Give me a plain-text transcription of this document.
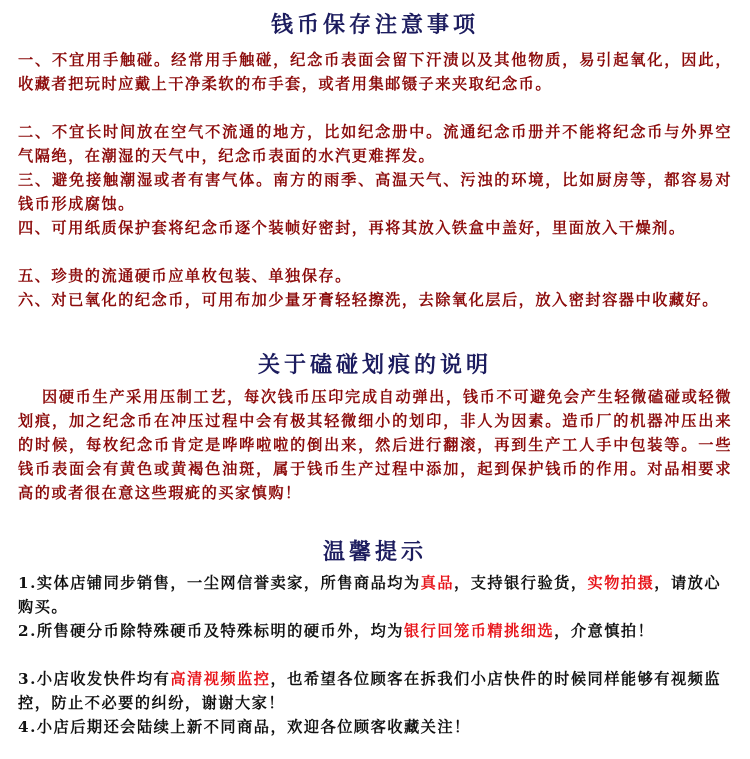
钱币保存注意事项
一、不宜用手触碰。经常用手触碰，纪念币表面会留下汗渍以及其他物质，易引起氧化，因此，收藏者把玩时应戴上干净柔软的布手套，或者用集邮镊子来夹取纪念币。
二、不宜长时间放在空气不流通的地方，比如纪念册中。流通纪念币册并不能将纪念币与外界空气隔绝，在潮湿的天气中，纪念币表面的水汽更难挥发。
三、避免接触潮湿或者有害气体。南方的雨季、高温天气、污浊的环境，比如厨房等，都容易对钱币形成腐蚀。
四、可用纸质保护套将纪念币逐个装帧好密封，再将其放入铁盒中盖好，里面放入干燥剂。
五、珍贵的流通硬币应单枚包装、单独保存。
六、对已氧化的纪念币，可用布加少量牙膏轻轻擦洗，去除氧化层后，放入密封容器中收藏好。
关于磕碰划痕的说明
因硬币生产采用压制工艺，每次钱币压印完成自动弹出，钱币不可避免会产生轻微磕碰或轻微划痕，加之纪念币在冲压过程中会有极其轻微细小的划印，非人为因素。造币厂的机器冲压出来的时候，每枚纪念币肯定是哗哗啦啦的倒出来，然后进行翻滚，再到生产工人手中包装等。一些钱币表面会有黄色或黄褐色油斑，属于钱币生产过程中添加，起到保护钱币的作用。对品相要求高的或者很在意这些瑕疵的买家慎购！
温馨提示
1.实体店铺同步销售，一尘网信誉卖家，所售商品均为真品，支持银行验货，实物拍摄，请放心购买。
2.所售硬分币除特殊硬币及特殊标明的硬币外，均为银行回笼币精挑细选，介意慎拍！
3.小店收发快件均有高清视频监控，也希望各位顾客在拆我们小店快件的时候同样能够有视频监控，防止不必要的纠纷，谢谢大家！
4.小店后期还会陆续上新不同商品，欢迎各位顾客收藏关注！
